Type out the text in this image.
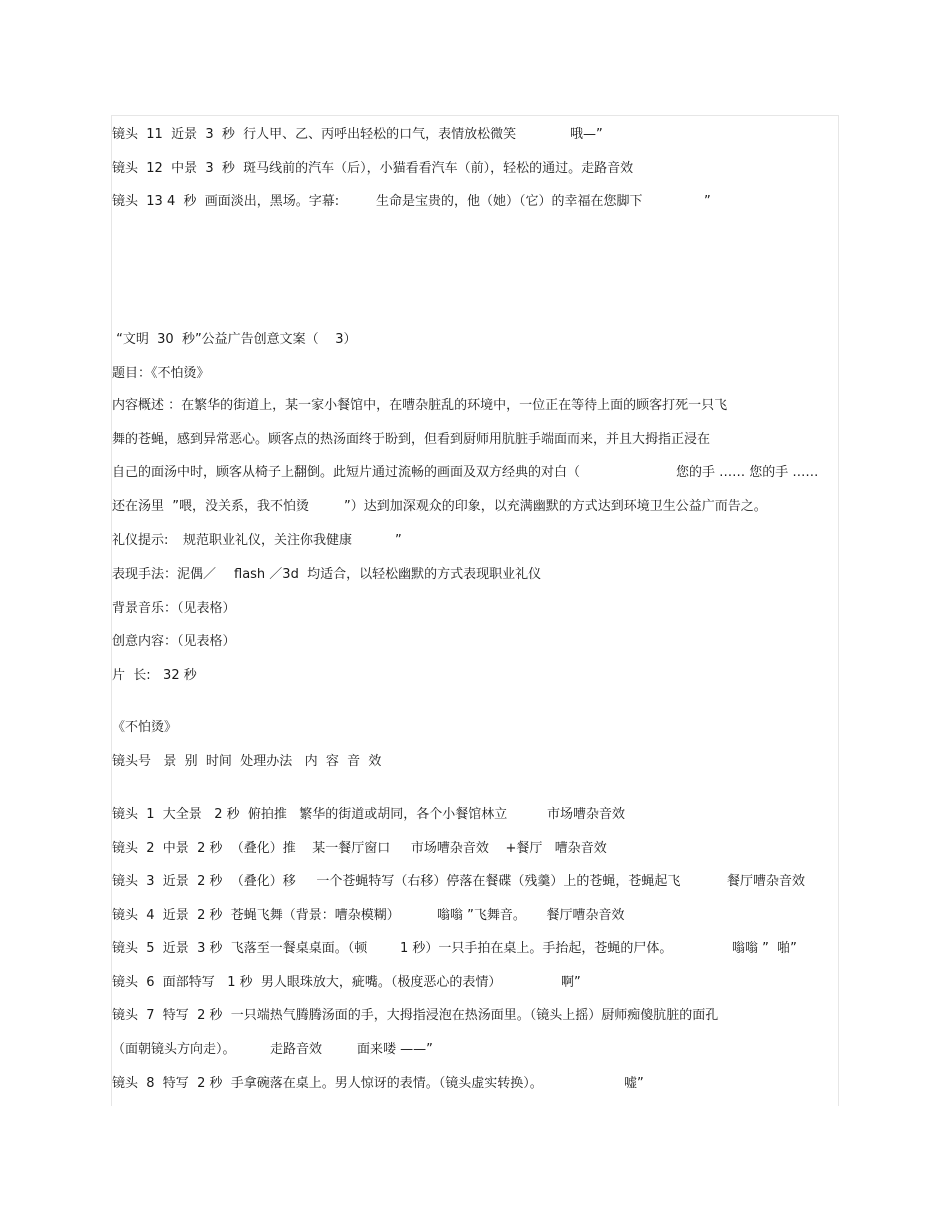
镜头  11  近景  3  秒  行人甲、乙、丙呼出轻松的口气，表情放松微笑	哦—”
镜头  12  中景  3  秒  斑马线前的汽车（后），小猫看看汽车（前），轻松的通过。走路音效
镜头  13 4  秒  画面淡出，黑场。字幕:	生命是宝贵的，他（她）（它）的幸福在您脚下	”
“文明  30  秒”公益广告创意文案（    3）
题目：《不怕烫》
内容概述 ：在繁华的街道上，某一家小餐馆中，在嘈杂脏乱的环境中，一位正在等待上面的顾客打死一只飞
舞的苍蝇，感到异常恶心。顾客点的热汤面终于盼到，但看到厨师用肮脏手端面而来，并且大拇指正浸在
自己的面汤中时，顾客从椅子上翻倒。此短片通过流畅的画面及双方经典的对白（	您的手 …… 您的手 ……
还在汤里  ”喂，没关系，我不怕烫	”）达到加深观众的印象，以充满幽默的方式达到环境卫生公益广而告之。
礼仪提示: 规范职业礼仪，关注你我健康	”
表现手法：泥偶／ flash ／3d  均适合，以轻松幽默的方式表现职业礼仪
背景音乐：（见表格）
创意内容：（见表格）
片  长:   32 秒
《不怕烫》
镜头号   景  别  时间  处理办法   内  容  音  效
镜头  1  大全景   2 秒  俯拍推   繁华的街道或胡同，各个小餐馆林立	市场嘈杂音效
镜头  2  中景  2 秒  （叠化）推    某一餐厅窗口     市场嘈杂音效    +餐厅   嘈杂音效
镜头  3  近景  2 秒  （叠化）移     一个苍蝇特写（右移）停落在餐碟（残羹）上的苍蝇，苍蝇起飞	餐厅嘈杂音效
镜头  4  近景  2 秒  苍蝇飞舞（背景：嘈杂模糊）	嗡嗡 ”飞舞音。     餐厅嘈杂音效
镜头  5  近景  3 秒  飞落至一餐桌桌面。（顿	1 秒）一只手拍在桌上。手抬起，苍蝇的尸体。	嗡嗡 ”  啪”
镜头  6  面部特写   1 秒  男人眼珠放大，疵嘴。（极度恶心的表情）	啊”
镜头  7  特写  2 秒  一只端热气腾腾汤面的手，大拇指浸泡在热汤面里。（镜头上摇）厨师痴傻肮脏的面孔
（面朝镜头方向走）。	走路音效	面来喽 ——”
镜头  8  特写  2 秒  手拿碗落在桌上。男人惊讶的表情。（镜头虚实转换）。	嘘”
